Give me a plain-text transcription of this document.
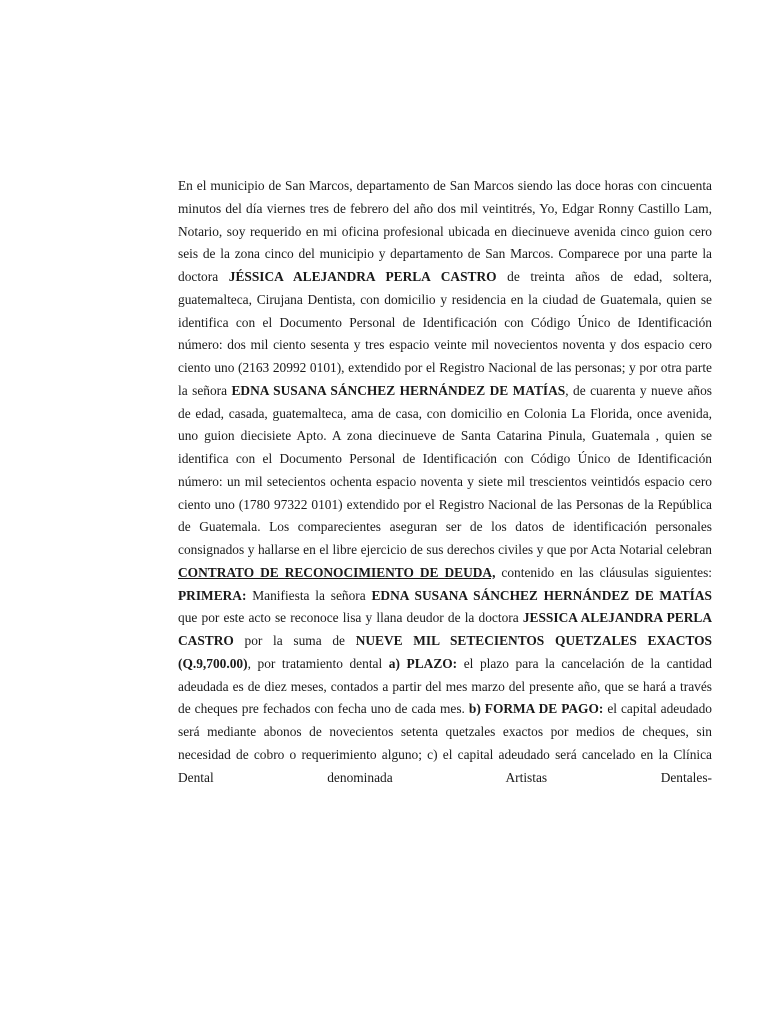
En el municipio de San Marcos, departamento de San Marcos siendo las doce horas con cincuenta minutos del día viernes tres de febrero del año dos mil veintitrés, Yo, Edgar Ronny Castillo Lam, Notario, soy requerido en mi oficina profesional ubicada en diecinueve avenida cinco guion cero seis de la zona cinco del municipio y departamento de San Marcos. Comparece por una parte la doctora JÉSSICA ALEJANDRA PERLA CASTRO de treinta años de edad, soltera, guatemalteca, Cirujana Dentista, con domicilio y residencia en la ciudad de Guatemala, quien se identifica con el Documento Personal de Identificación con Código Único de Identificación número: dos mil ciento sesenta y tres espacio veinte mil novecientos noventa y dos espacio cero ciento uno (2163 20992 0101), extendido por el Registro Nacional de las personas; y por otra parte la señora EDNA SUSANA SÁNCHEZ HERNÁNDEZ DE MATÍAS, de cuarenta y nueve años de edad, casada, guatemalteca, ama de casa, con domicilio en Colonia La Florida, once avenida, uno guion diecisiete Apto. A zona diecinueve de Santa Catarina Pinula, Guatemala , quien se identifica con el Documento Personal de Identificación con Código Único de Identificación número: un mil setecientos ochenta espacio noventa y siete mil trescientos veintidós espacio cero ciento uno (1780 97322 0101) extendido por el Registro Nacional de las Personas de la República de Guatemala. Los comparecientes aseguran ser de los datos de identificación personales consignados y hallarse en el libre ejercicio de sus derechos civiles y que por Acta Notarial celebran CONTRATO DE RECONOCIMIENTO DE DEUDA, contenido en las cláusulas siguientes: PRIMERA: Manifiesta la señora EDNA SUSANA SÁNCHEZ HERNÁNDEZ DE MATÍAS que por este acto se reconoce lisa y llana deudor de la doctora JESSICA ALEJANDRA PERLA CASTRO por la suma de NUEVE MIL SETECIENTOS QUETZALES EXACTOS (Q.9,700.00), por tratamiento dental a) PLAZO: el plazo para la cancelación de la cantidad adeudada es de diez meses, contados a partir del mes marzo del presente año, que se hará a través de cheques pre fechados con fecha uno de cada mes. b) FORMA DE PAGO: el capital adeudado será mediante abonos de novecientos setenta quetzales exactos por medios de cheques, sin necesidad de cobro o requerimiento alguno; c) el capital adeudado será cancelado en la Clínica Dental denominada Artistas Dentales-
